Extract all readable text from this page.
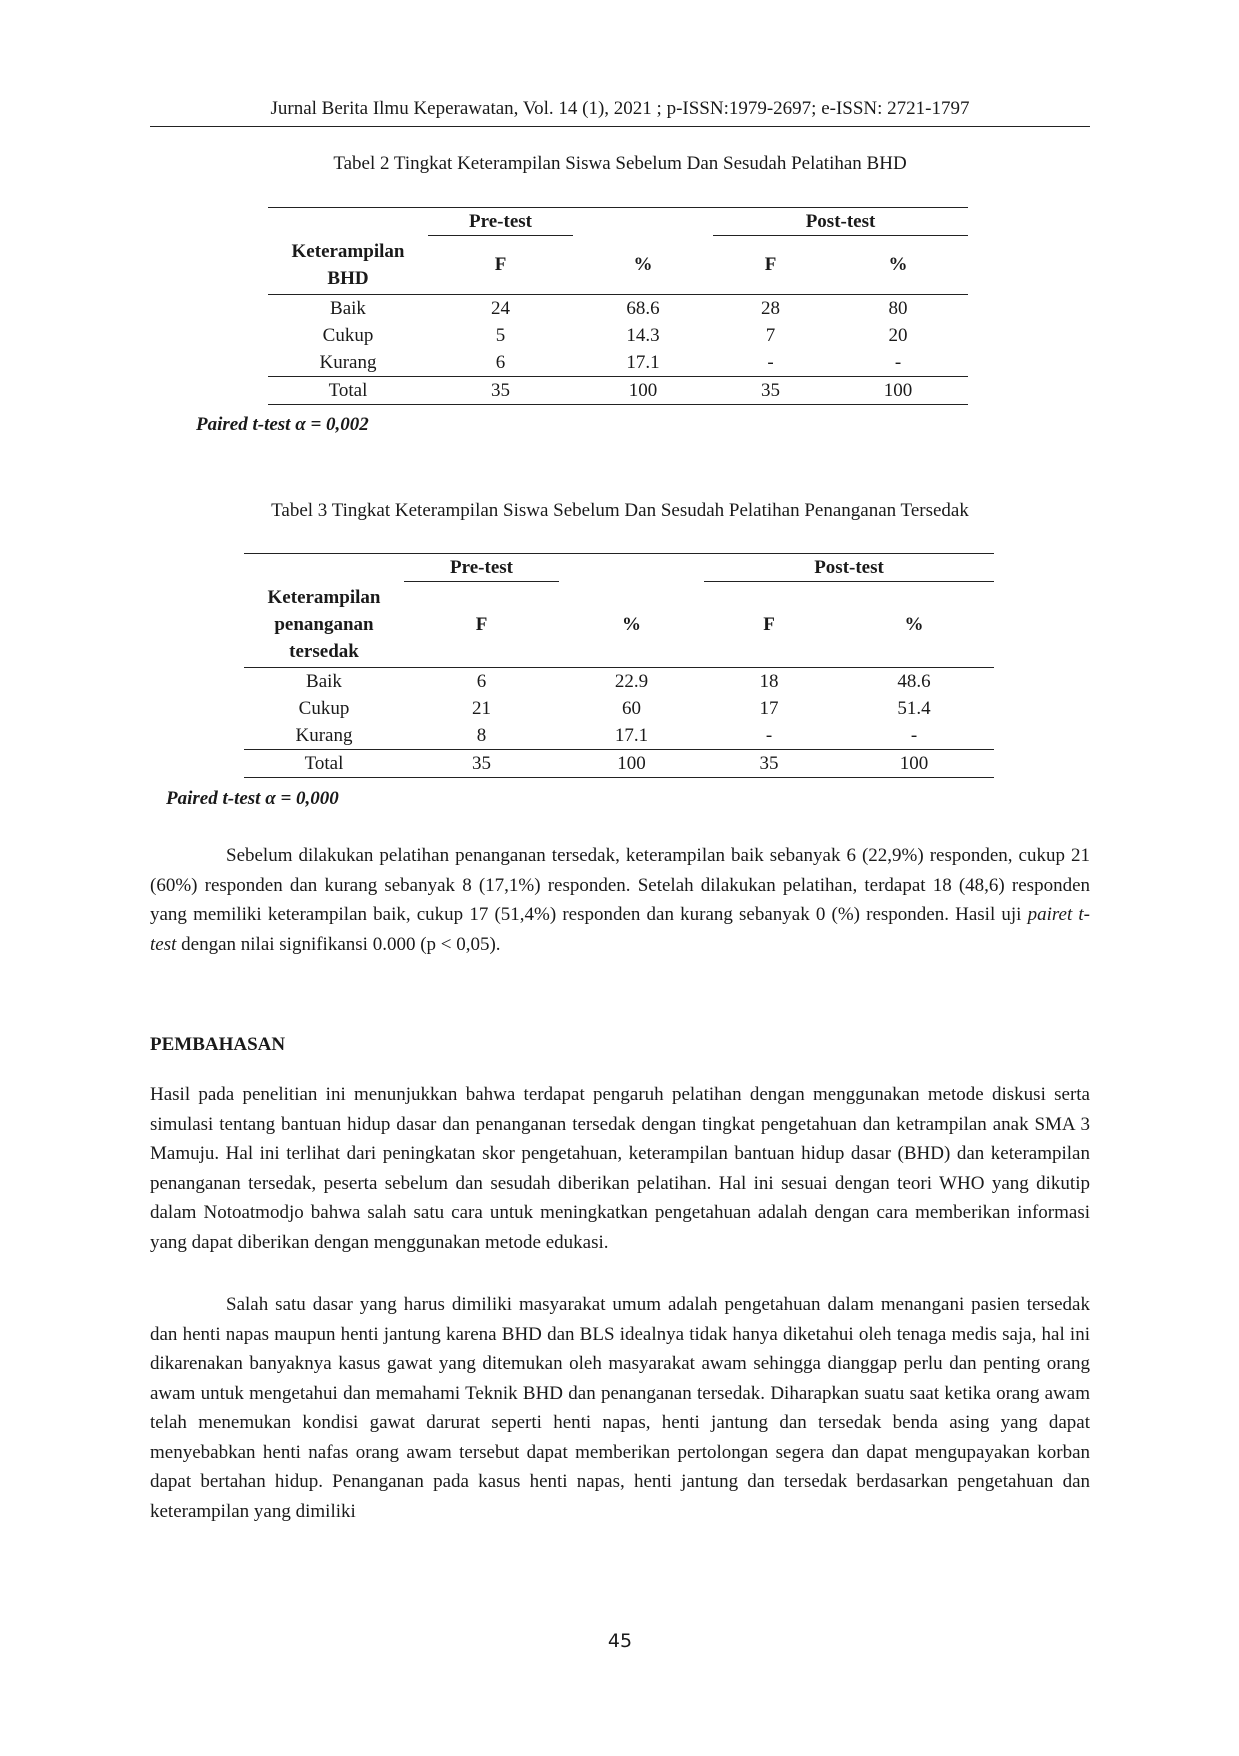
Jurnal Berita Ilmu Keperawatan, Vol. 14 (1), 2021 ; p-ISSN:1979-2697; e-ISSN: 2721-1797
Tabel 2 Tingkat Keterampilan Siswa Sebelum Dan Sesudah Pelatihan BHD
	Pre-test		Post-test	
Keterampilan
BHD	F	%	F	%
Baik	24	68.6	28	80
Cukup	5	14.3	7	20
Kurang	6	17.1	-	-
Total	35	100	35	100
Paired t-test α = 0,002
Tabel 3 Tingkat Keterampilan Siswa Sebelum Dan Sesudah Pelatihan Penanganan Tersedak
	Pre-test		Post-test	
Keterampilan
penanganan
tersedak	F	%	F	%
Baik	6	22.9	18	48.6
Cukup	21	60	17	51.4
Kurang	8	17.1	-	-
Total	35	100	35	100
Paired t-test α = 0,000

Sebelum dilakukan pelatihan penanganan tersedak, keterampilan baik sebanyak 6 (22,9%) responden, cukup 21 (60%) responden dan kurang sebanyak 8 (17,1%) responden. Setelah dilakukan pelatihan, terdapat 18 (48,6) responden yang memiliki keterampilan baik, cukup 17 (51,4%) responden dan kurang sebanyak 0 (%) responden. Hasil uji pairet t-test dengan nilai signifikansi 0.000 (p < 0,05).

PEMBAHASAN

Hasil pada penelitian ini menunjukkan bahwa terdapat pengaruh pelatihan dengan menggunakan metode diskusi serta simulasi tentang bantuan hidup dasar dan penanganan tersedak dengan tingkat pengetahuan dan ketrampilan anak SMA 3 Mamuju. Hal ini terlihat dari peningkatan skor pengetahuan, keterampilan bantuan hidup dasar (BHD) dan keterampilan penanganan tersedak, peserta sebelum dan sesudah diberikan pelatihan. Hal ini sesuai dengan teori WHO yang dikutip dalam Notoatmodjo bahwa salah satu cara untuk meningkatkan pengetahuan adalah dengan cara memberikan informasi yang dapat diberikan dengan menggunakan metode edukasi.

Salah satu dasar yang harus dimiliki masyarakat umum adalah pengetahuan dalam menangani pasien tersedak dan henti napas maupun henti jantung karena BHD dan BLS idealnya tidak hanya diketahui oleh tenaga medis saja, hal ini dikarenakan banyaknya kasus gawat yang ditemukan oleh masyarakat awam sehingga dianggap perlu dan penting orang awam untuk mengetahui dan memahami Teknik BHD dan penanganan tersedak. Diharapkan suatu saat ketika orang awam telah menemukan kondisi gawat darurat seperti henti napas, henti jantung dan tersedak benda asing yang dapat menyebabkan henti nafas orang awam tersebut dapat memberikan pertolongan segera dan dapat mengupayakan korban dapat bertahan hidup. Penanganan pada kasus henti napas, henti jantung dan tersedak berdasarkan pengetahuan dan keterampilan yang dimiliki

45
